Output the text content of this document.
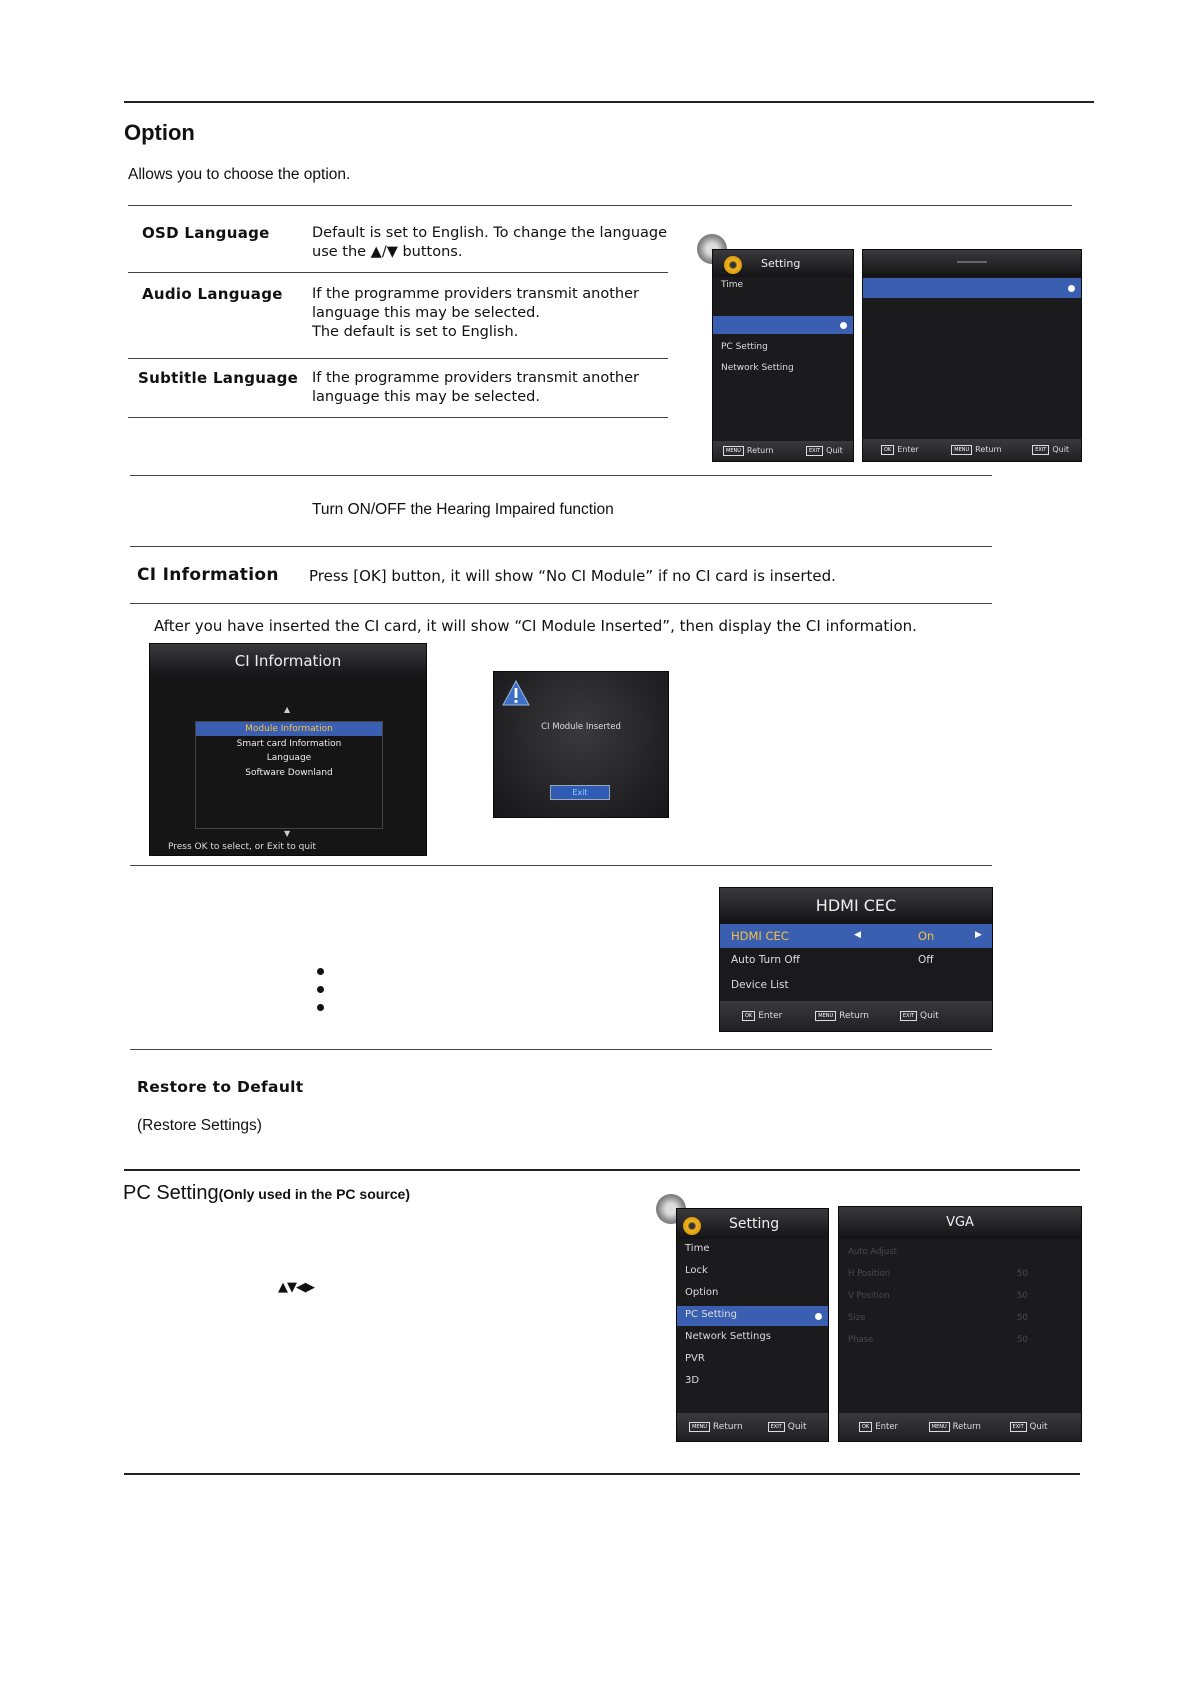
Option
Allows you to choose the option.
OSD Language	Default is set to English. To change the language
use the ▲/▼ buttons.
Audio Language If the programme providers transmit another
language this may be selected.
The default is set to English.
Subtitle Language If the programme providers transmit another
language this may be selected.
Setting
Time
PC Setting
Network Setting
MENU Return	EXIT Quit	OK Enter	MENU Return	EXIT Quit
Turn ON/OFF the Hearing Impaired function
CI Information Press [OK] button, it will show “No CI Module” if no CI card is inserted.
After you have inserted the CI card, it will show “CI Module Inserted”, then display the CI information.
CI Information
▲
Module Information
Smart card Information
Language
Software Downland
▼
Press OK to select, or Exit to quit
CI Module Inserted
Exit
HDMI CEC
HDMI CEC	◀	On	▶
Auto Turn Off	Off
Device List
OK Enter	MENU Return	EXIT Quit
Restore to Default
(Restore Settings)
PC Setting(Only used in the PC source)
▲▼◀▶
Setting
Time
Lock
Option
PC Setting
Network Settings
PVR
3D
MENU Return	EXIT Quit
VGA
Auto Adjust
H Position	50
V Position	50
Size	50
Phase	50
OK Enter	MENU Return	EXIT Quit
